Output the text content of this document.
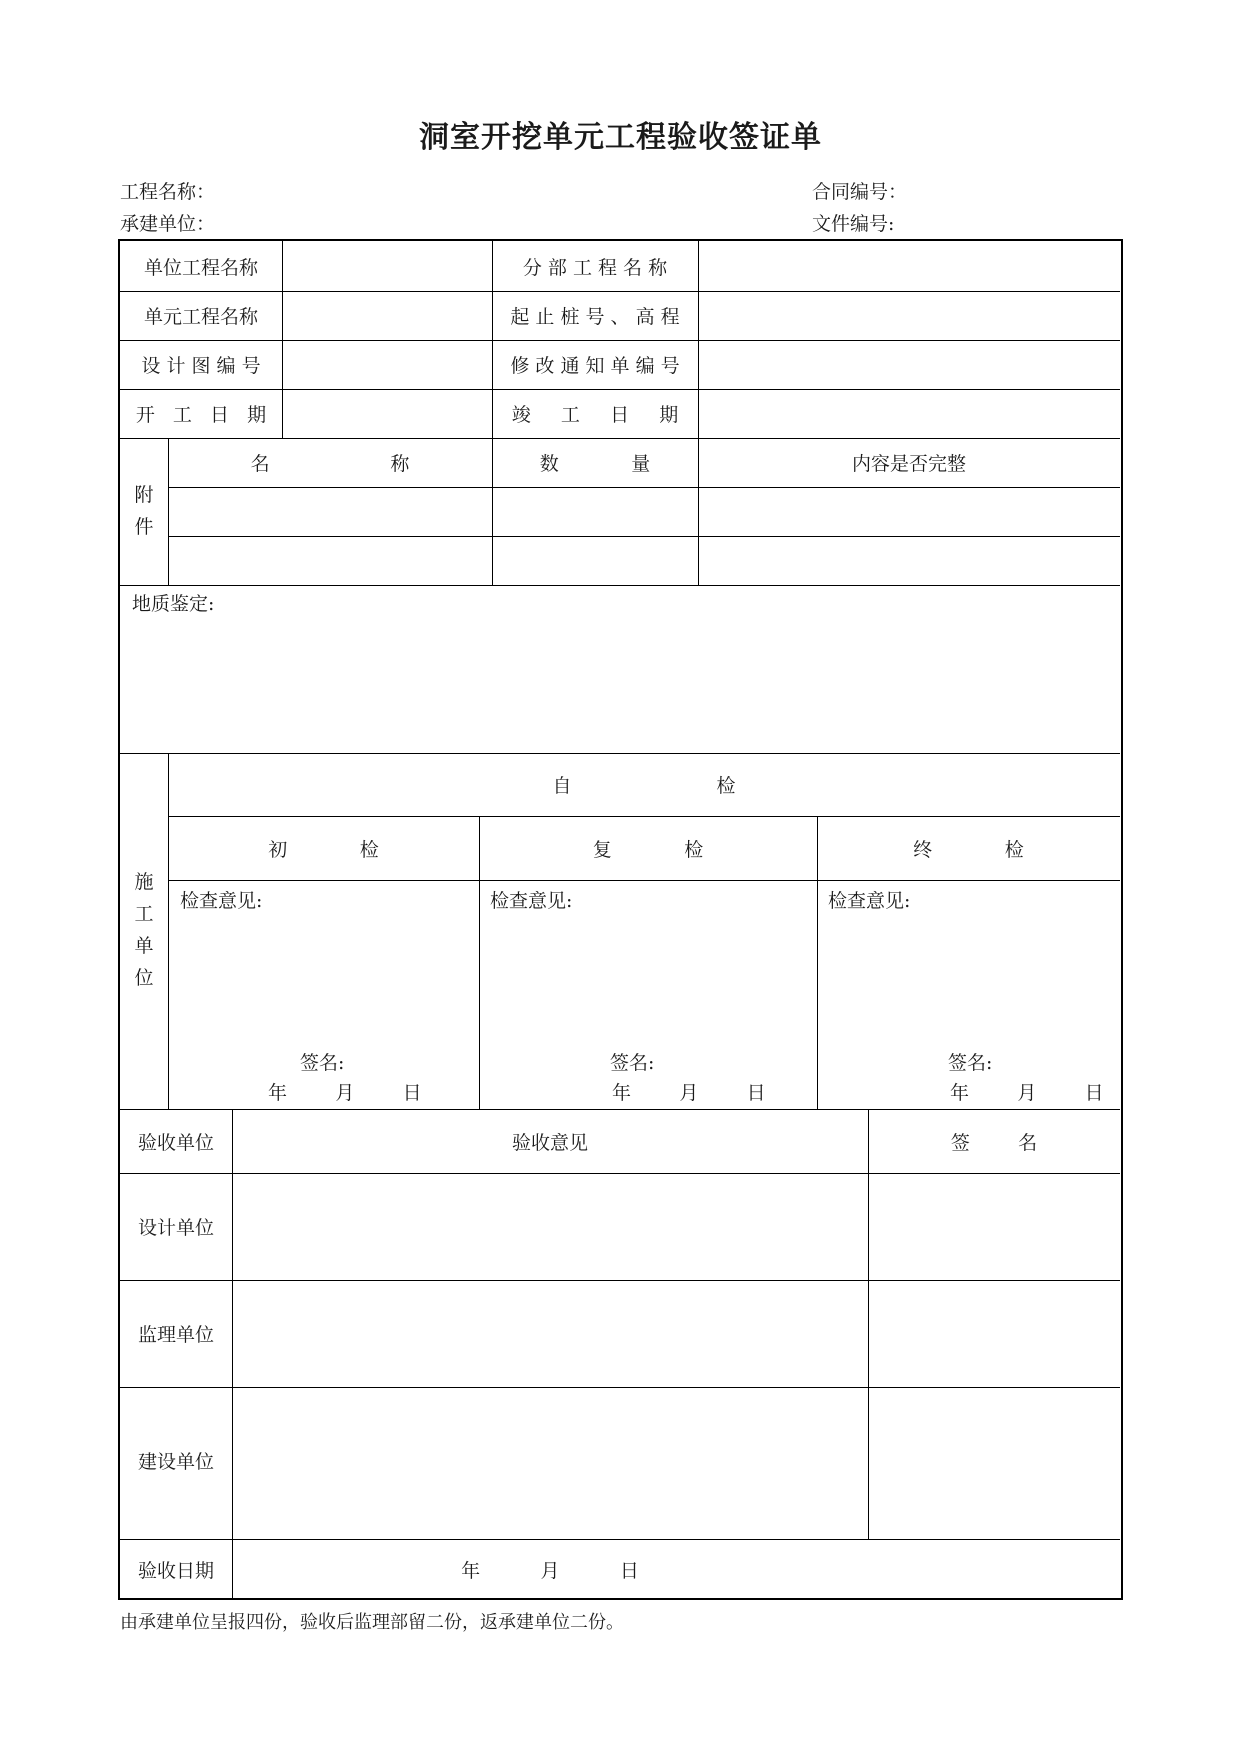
洞室开挖单元工程验收签证单
工程名称：
承建单位：
合同编号：
文件编号:
单位工程名称	分 部 工 程 名 称
单元工程名称	起 止 桩 号 、 高 程
设 计 图 编 号	修 改 通 知 单 编 号
开   工   日   期	竣     工     日     期
附
件
名                    称	数            量	内容是否完整
地质鉴定:
施
工
单
位
自                        检
初            检	复            检	终            检
检查意见:	检查意见:	检查意见:
签名:	签名:	签名:
年        月        日	年        月        日	年        月        日
验收单位	验收意见	签        名
设计单位
监理单位
建设单位
验收日期	年          月          日
由承建单位呈报四份，验收后监理部留二份，返承建单位二份。
